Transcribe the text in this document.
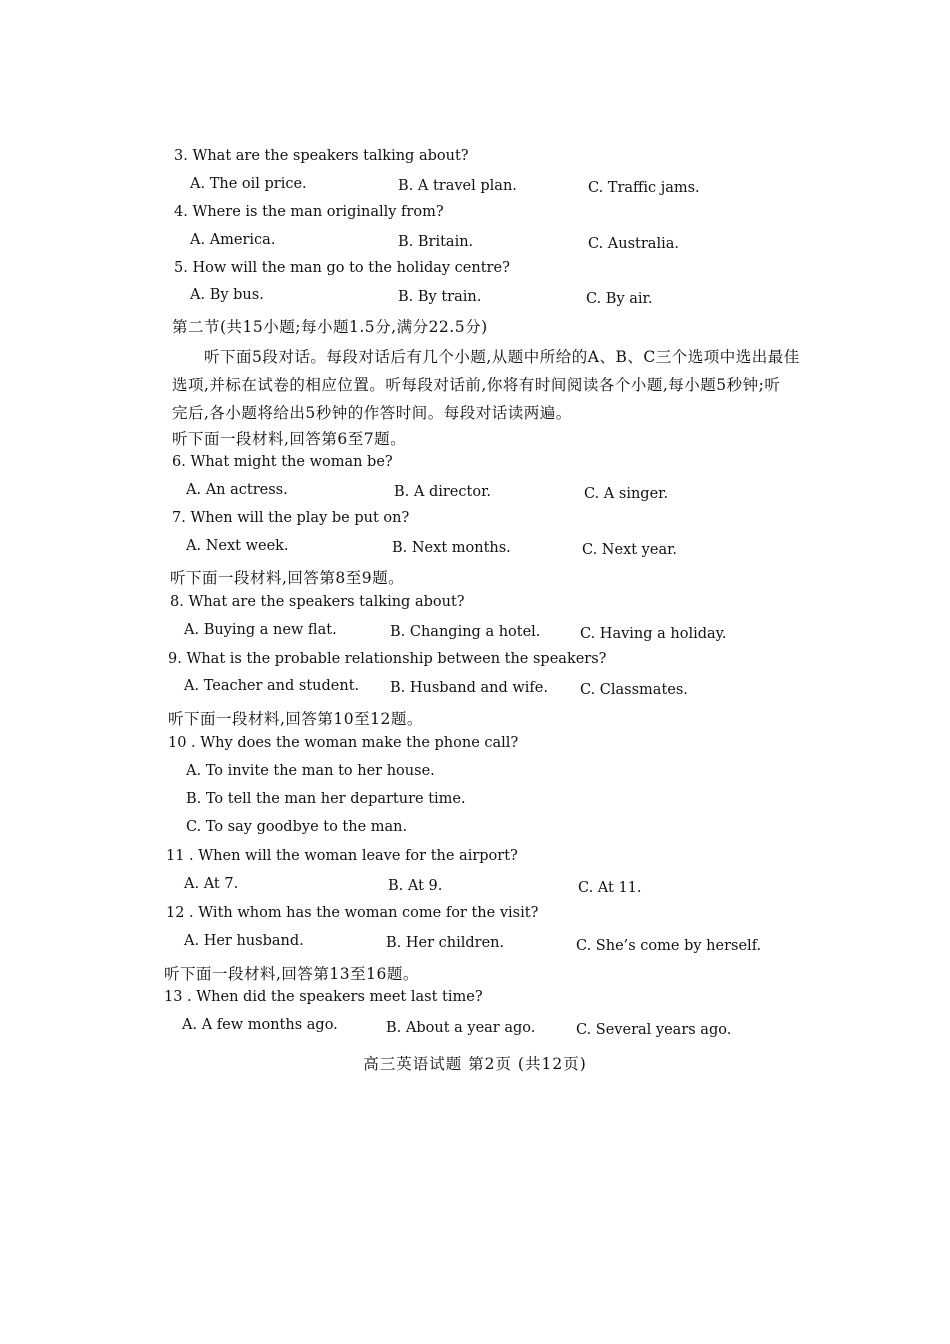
3. What are the speakers talking about?
A. The oil price.	B. A travel plan.	C. Traffic jams.
4. Where is the man originally from?
A. America.	B. Britain.	C. Australia.
5. How will the man go to the holiday centre?
A. By bus.	B. By train.	C. By air.
第二节(共15小题;每小题1.5分,满分22.5分)
听下面5段对话。每段对话后有几个小题,从题中所给的A、B、C三个选项中选出最佳
选项,并标在试卷的相应位置。听每段对话前,你将有时间阅读各个小题,每小题5秒钟;听
完后,各小题将给出5秒钟的作答时间。每段对话读两遍。
听下面一段材料,回答第6至7题。
6. What might the woman be?
A. An actress.	B. A director.	C. A singer.
7. When will the play be put on?
A. Next week.	B. Next months.	C. Next year.
听下面一段材料,回答第8至9题。
8. What are the speakers talking about?
A. Buying a new flat.	B. Changing a hotel.	C. Having a holiday.
9. What is the probable relationship between the speakers?
A. Teacher and student. B. Husband and wife. C. Classmates.
听下面一段材料,回答第10至12题。
10 . Why does the woman make the phone call?
A. To invite the man to her house.
B. To tell the man her departure time.
C. To say goodbye to the man.
11 . When will the woman leave for the airport?
A. At 7.	B. At 9.	C. At 11.
12 . With whom has the woman come for the visit?
A. Her husband.	B. Her children.	C. She’s come by herself.
听下面一段材料,回答第13至16题。
13 . When did the speakers meet last time?
A. A few months ago.	B. About a year ago.	C. Several years ago.
高三英语试题 第2页 (共12页)
